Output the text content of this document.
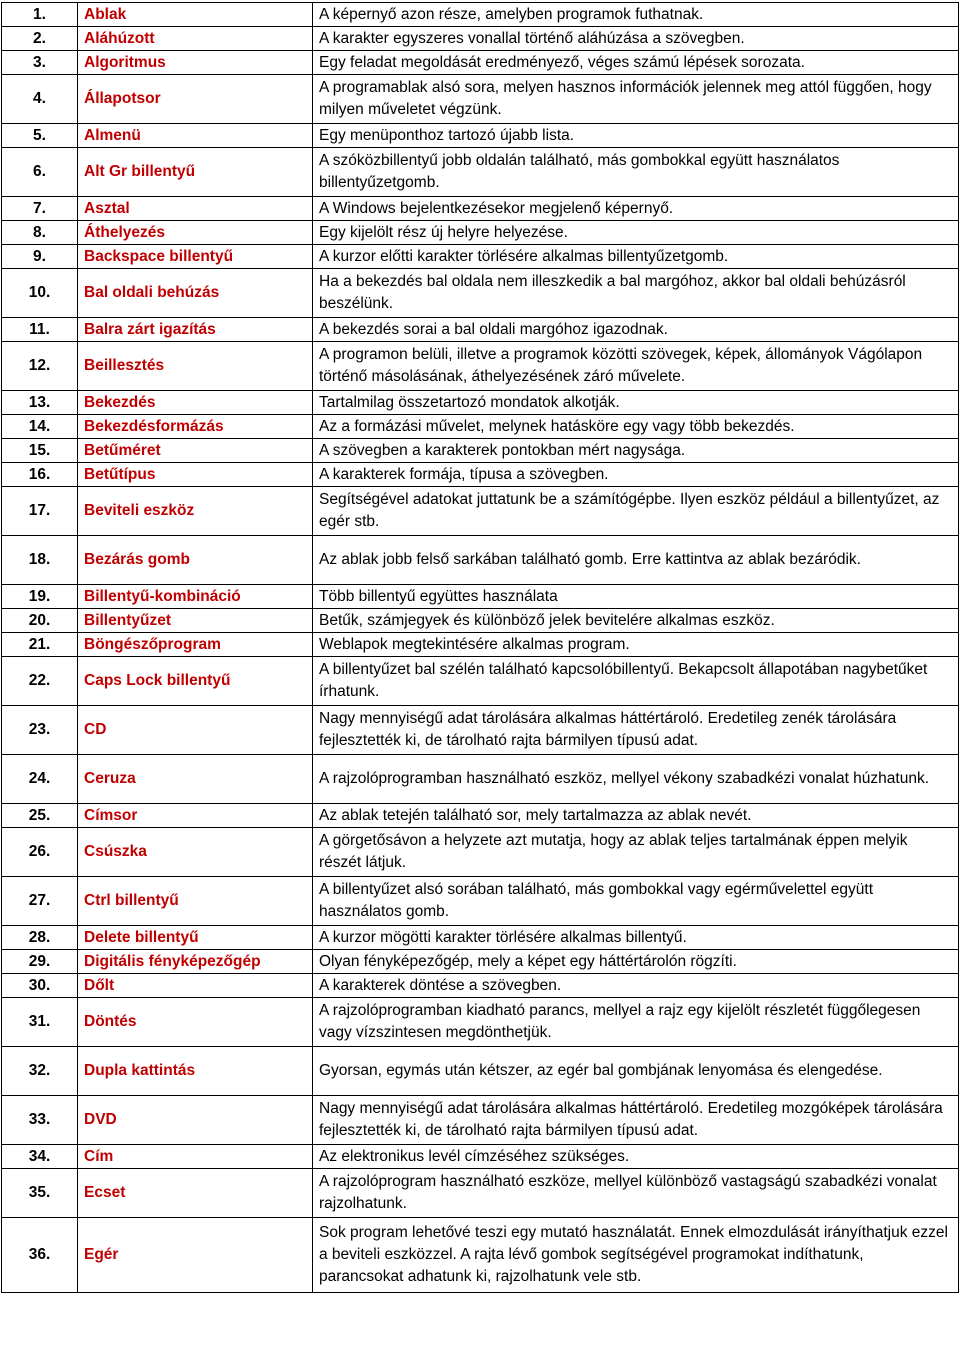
1.	Ablak	A képernyő azon része, amelyben programok futhatnak.
2.	Aláhúzott	A karakter egyszeres vonallal történő aláhúzása a szövegben.
3.	Algoritmus	Egy feladat megoldását eredményező, véges számú lépések sorozata.
4.	Állapotsor	A programablak alsó sora, melyen hasznos információk jelennek meg attól függően, hogy milyen műveletet végzünk.
5.	Almenü	Egy menüponthoz tartozó újabb lista.
6.	Alt Gr billentyű	A szóközbillentyű jobb oldalán található, más gombokkal együtt használatos billentyűzetgomb.
7.	Asztal	A Windows bejelentkezésekor megjelenő képernyő.
8.	Áthelyezés	Egy kijelölt rész új helyre helyezése.
9.	Backspace billentyű	A kurzor előtti karakter törlésére alkalmas billentyűzetgomb.
10.	Bal oldali behúzás	Ha a bekezdés bal oldala nem illeszkedik a bal margóhoz, akkor bal oldali behúzásról beszélünk.
11.	Balra zárt igazítás	A bekezdés sorai a bal oldali margóhoz igazodnak.
12.	Beillesztés	A programon belüli, illetve a programok közötti szövegek, képek, állományok Vágólapon történő másolásának, áthelyezésének záró művelete.
13.	Bekezdés	Tartalmilag összetartozó mondatok alkotják.
14.	Bekezdésformázás	Az a formázási művelet, melynek hatásköre egy vagy több bekezdés.
15.	Betűméret	A szövegben a karakterek pontokban mért nagysága.
16.	Betűtípus	A karakterek formája, típusa a szövegben.
17.	Beviteli eszköz	Segítségével adatokat juttatunk be a számítógépbe. Ilyen eszköz például a billentyűzet, az egér stb.
18.	Bezárás gomb	Az ablak jobb felső sarkában található gomb. Erre kattintva az ablak bezáródik.
19.	Billentyű-kombináció	Több billentyű együttes használata
20.	Billentyűzet	Betűk, számjegyek és különböző jelek bevitelére alkalmas eszköz.
21.	Böngészőprogram	Weblapok megtekintésére alkalmas program.
22.	Caps Lock billentyű	A billentyűzet bal szélén található kapcsolóbillentyű. Bekapcsolt állapotában nagybetűket írhatunk.
23.	CD	Nagy mennyiségű adat tárolására alkalmas háttértároló. Eredetileg zenék tárolására fejlesztették ki, de tárolható rajta bármilyen típusú adat.
24.	Ceruza	A rajzolóprogramban használható eszköz, mellyel vékony szabadkézi vonalat húzhatunk.
25.	Címsor	Az ablak tetején található sor, mely tartalmazza az ablak nevét.
26.	Csúszka	A görgetősávon a helyzete azt mutatja, hogy az ablak teljes tartalmának éppen melyik részét látjuk.
27.	Ctrl billentyű	A billentyűzet alsó sorában található, más gombokkal vagy egérművelettel együtt használatos gomb.
28.	Delete billentyű	A kurzor mögötti karakter törlésére alkalmas billentyű.
29.	Digitális fényképezőgép	Olyan fényképezőgép, mely a képet egy háttértárolón rögzíti.
30.	Dőlt	A karakterek döntése a szövegben.
31.	Döntés	A rajzolóprogramban kiadható parancs, mellyel a rajz egy kijelölt részletét függőlegesen vagy vízszintesen megdönthetjük.
32.	Dupla kattintás	Gyorsan, egymás után kétszer, az egér bal gombjának lenyomása és elengedése.
33.	DVD	Nagy mennyiségű adat tárolására alkalmas háttértároló. Eredetileg mozgóképek tárolására fejlesztették ki, de tárolható rajta bármilyen típusú adat.
34.	Cím	Az elektronikus levél címzéséhez szükséges.
35.	Ecset	A rajzolóprogram használható eszköze, mellyel különböző vastagságú szabadkézi vonalat rajzolhatunk.
36.	Egér	Sok program lehetővé teszi egy mutató használatát. Ennek elmozdulását irányíthatjuk ezzel a beviteli eszközzel. A rajta lévő gombok segítségével programokat indíthatunk, parancsokat adhatunk ki, rajzolhatunk vele stb.
